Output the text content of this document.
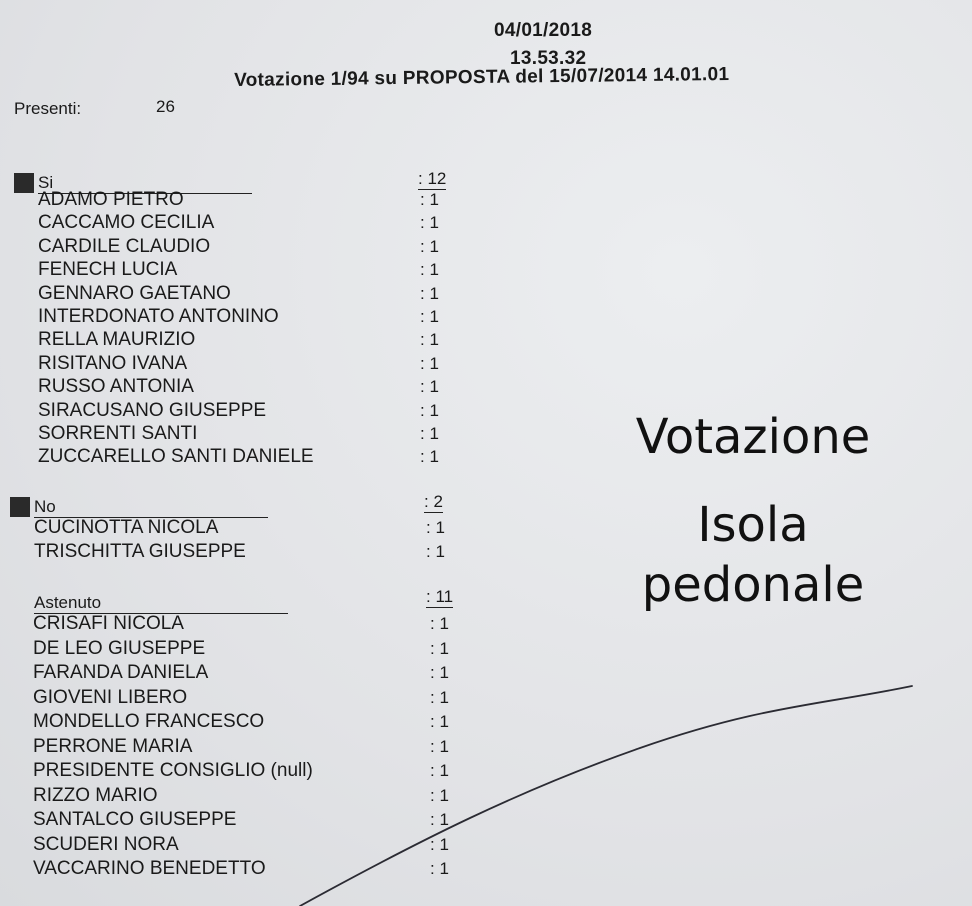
04/01/2018
13.53.32
Votazione 1/94 su PROPOSTA del 15/07/2014 14.01.01
Presenti:	26
Si	: 12
ADAMO PIETRO	: 1
CACCAMO CECILIA	: 1
CARDILE CLAUDIO	: 1
FENECH LUCIA	: 1
GENNARO GAETANO	: 1
INTERDONATO ANTONINO	: 1
RELLA MAURIZIO	: 1
RISITANO IVANA	: 1
RUSSO ANTONIA	: 1
SIRACUSANO GIUSEPPE	: 1
SORRENTI SANTI	: 1
ZUCCARELLO SANTI DANIELE	: 1
No	: 2
CUCINOTTA NICOLA	: 1
TRISCHITTA GIUSEPPE	: 1
Astenuto	: 11
CRISAFI NICOLA	: 1
DE LEO GIUSEPPE	: 1
FARANDA DANIELA	: 1
GIOVENI LIBERO	: 1
MONDELLO FRANCESCO	: 1
PERRONE MARIA	: 1
PRESIDENTE CONSIGLIO (null)	: 1
RIZZO MARIO	: 1
SANTALCO GIUSEPPE	: 1
SCUDERI NORA	: 1
VACCARINO BENEDETTO	: 1
Votazione
Isola
pedonale
